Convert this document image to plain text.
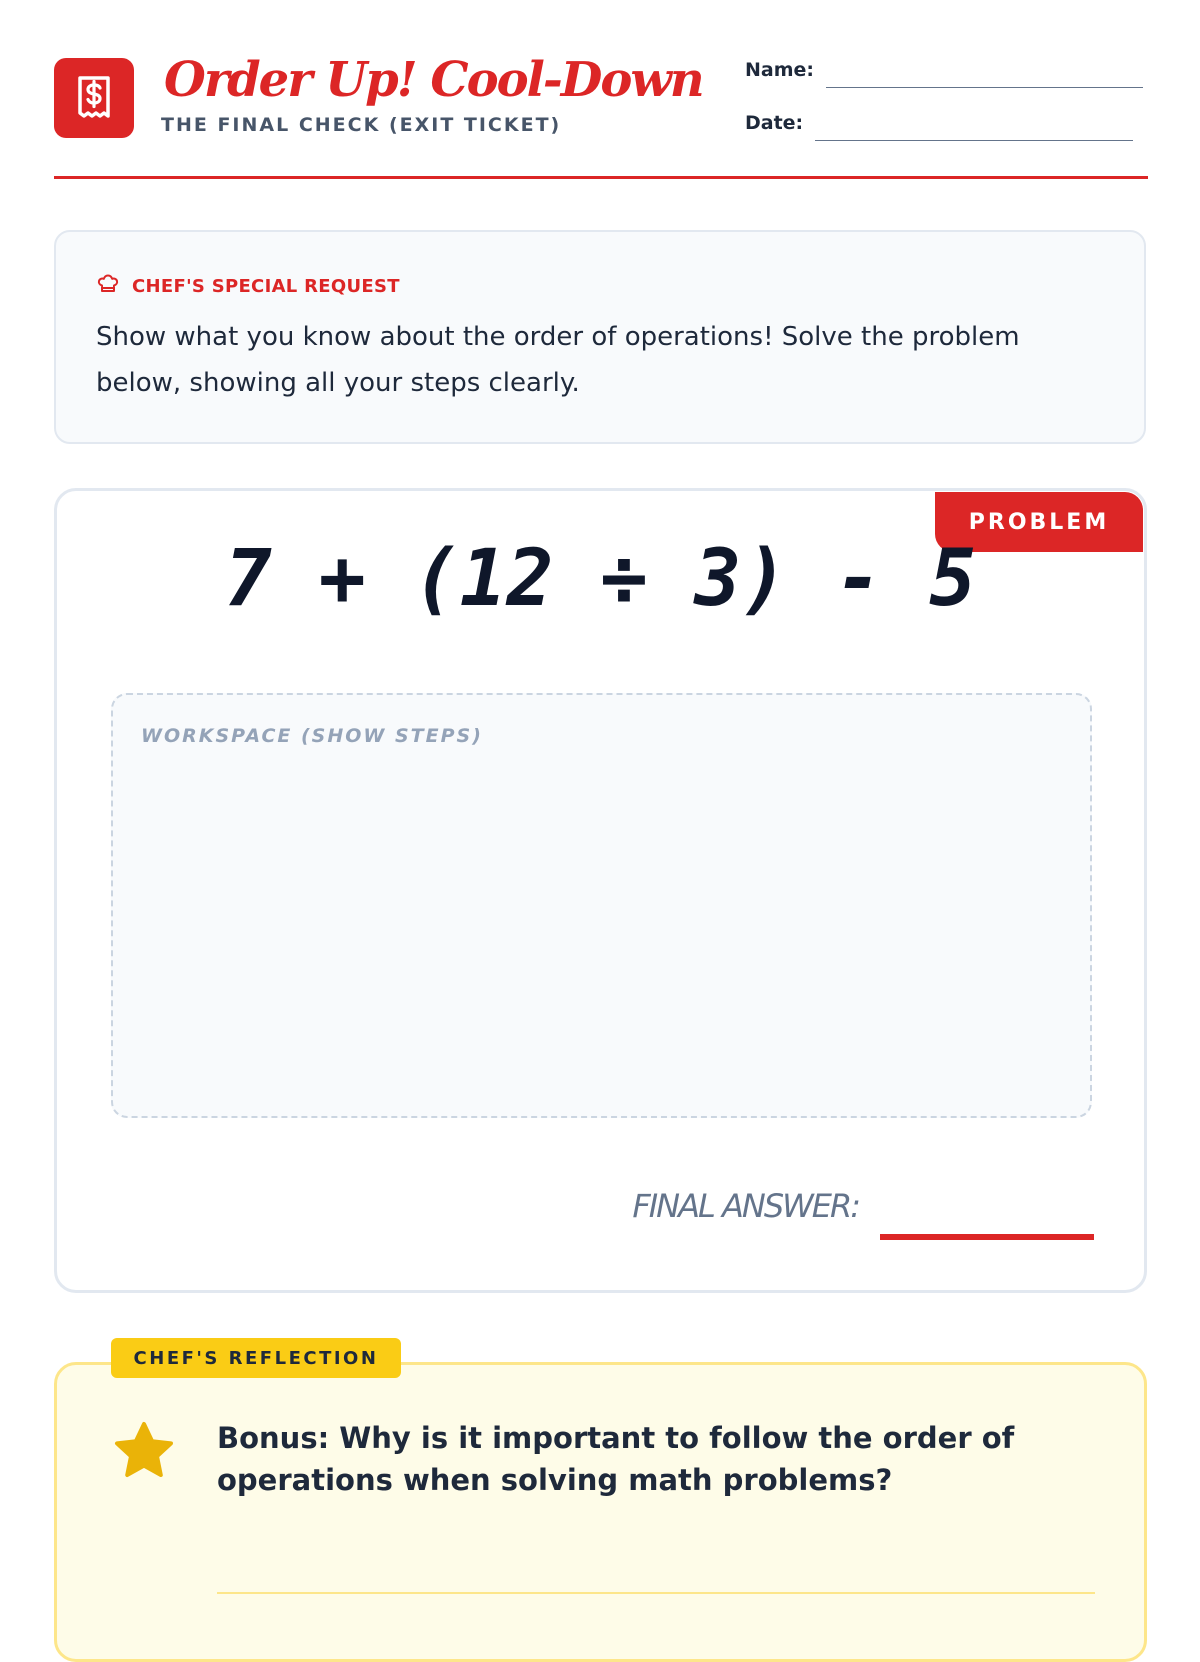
Order Up! Cool-Down

THE FINAL CHECK (EXIT TICKET)

Name:
Date:
CHEF'S SPECIAL REQUEST

Show what you know about the order of operations! Solve the problem below, showing all your steps clearly.

PROBLEM
7 + (12 ÷ 3) - 5
WORKSPACE (SHOW STEPS)
FINAL ANSWER:
CHEF'S REFLECTION

Bonus: Why is it important to follow the order of operations when solving math problems?
